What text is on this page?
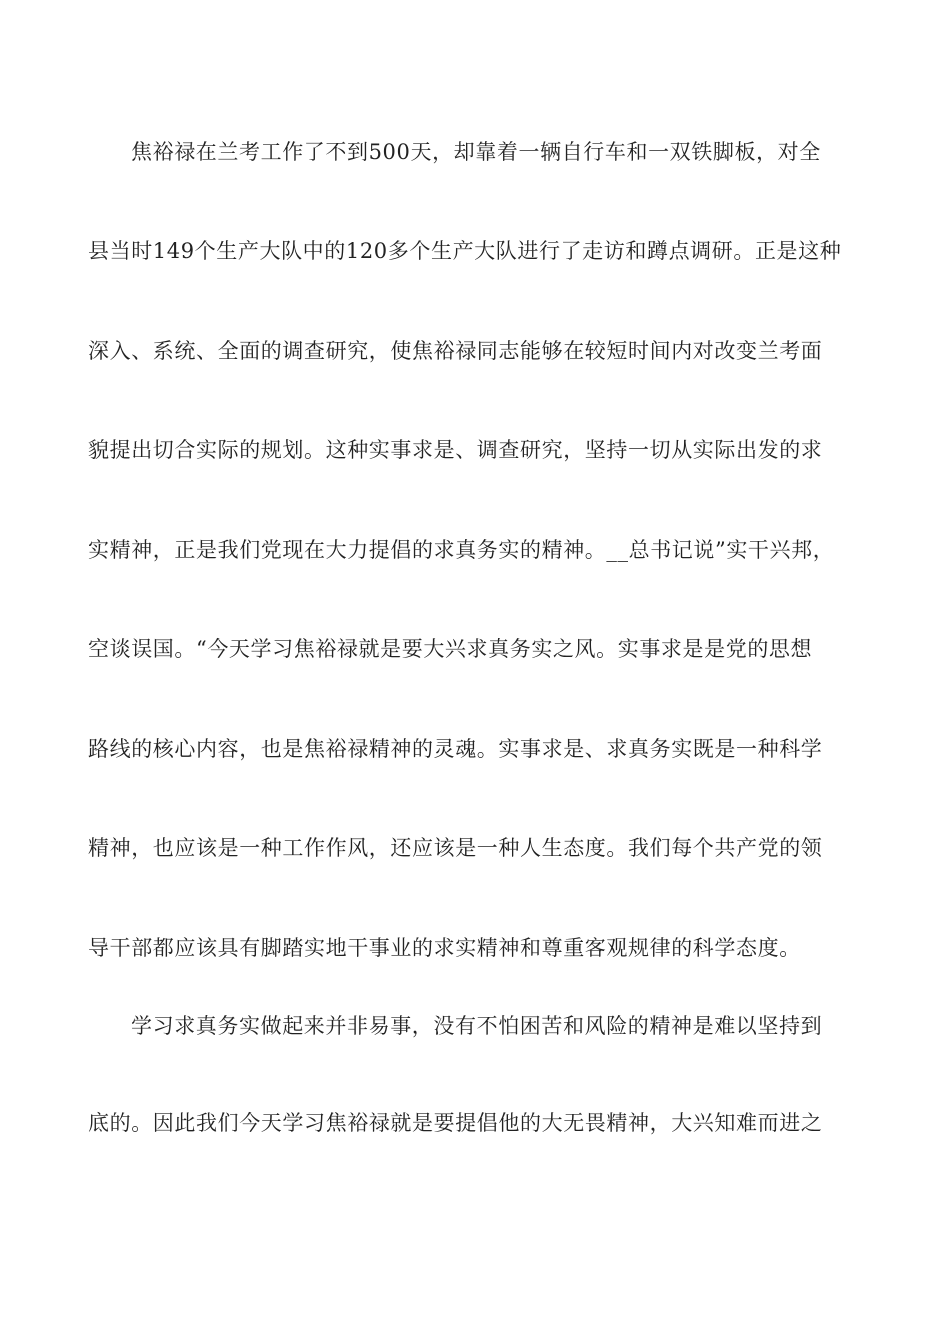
焦裕禄在兰考工作了不到500天，却靠着一辆自行车和一双铁脚板，对全
县当时149个生产大队中的120多个生产大队进行了走访和蹲点调研。正是这种
深入、系统、全面的调查研究，使焦裕禄同志能够在较短时间内对改变兰考面
貌提出切合实际的规划。这种实事求是、调查研究，坚持一切从实际出发的求
实精神，正是我们党现在大力提倡的求真务实的精神。__总书记说”实干兴邦，
空谈误国。“今天学习焦裕禄就是要大兴求真务实之风。实事求是是党的思想
路线的核心内容，也是焦裕禄精神的灵魂。实事求是、求真务实既是一种科学
精神，也应该是一种工作作风，还应该是一种人生态度。我们每个共产党的领
导干部都应该具有脚踏实地干事业的求实精神和尊重客观规律的科学态度。
学习求真务实做起来并非易事，没有不怕困苦和风险的精神是难以坚持到
底的。因此我们今天学习焦裕禄就是要提倡他的大无畏精神，大兴知难而进之
